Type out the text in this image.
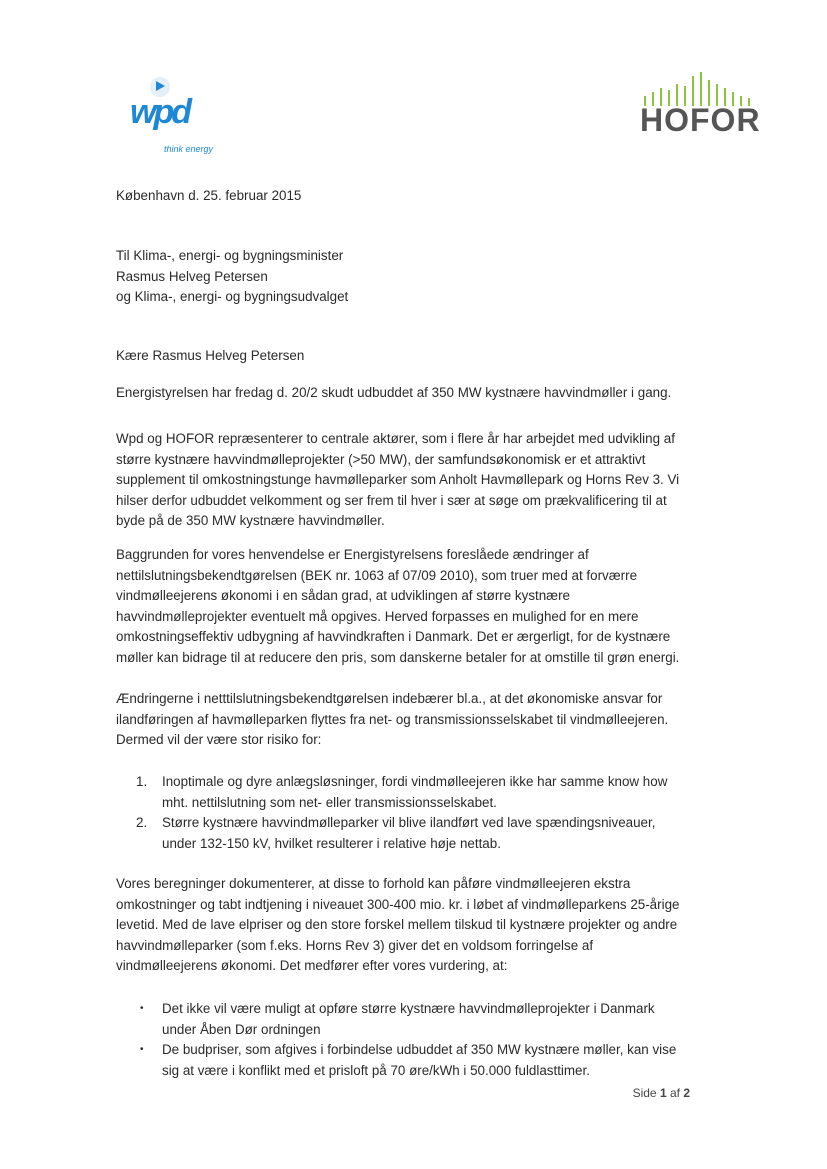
wpd
think energy
HOFOR
København d. 25. februar 2015
Til Klima-, energi- og bygningsminister
Rasmus Helveg Petersen
og Klima-, energi- og bygningsudvalget
Kære Rasmus Helveg Petersen
Energistyrelsen har fredag d. 20/2 skudt udbuddet af 350 MW kystnære havvindmøller i gang.
Wpd og HOFOR repræsenterer to centrale aktører, som i flere år har arbejdet med udvikling af
større kystnære havvindmølleprojekter (>50 MW), der samfundsøkonomisk er et attraktivt
supplement til omkostningstunge havmølleparker som Anholt Havmøllepark og Horns Rev 3. Vi
hilser derfor udbuddet velkomment og ser frem til hver i sær at søge om prækvalificering til at
byde på de 350 MW kystnære havvindmøller.
Baggrunden for vores henvendelse er Energistyrelsens foreslåede ændringer af
nettilslutningsbekendtgørelsen (BEK nr. 1063 af 07/09 2010), som truer med at forværre
vindmølleejerens økonomi i en sådan grad, at udviklingen af større kystnære
havvindmølleprojekter eventuelt må opgives. Herved forpasses en mulighed for en mere
omkostningseffektiv udbygning af havvindkraften i Danmark. Det er ærgerligt, for de kystnære
møller kan bidrage til at reducere den pris, som danskerne betaler for at omstille til grøn energi.
Ændringerne i netttilslutningsbekendtgørelsen indebærer bl.a., at det økonomiske ansvar for
ilandføringen af havmølleparken flyttes fra net- og transmissionsselskabet til vindmølleejeren.
Dermed vil der være stor risiko for:
1. Inoptimale og dyre anlægsløsninger, fordi vindmølleejeren ikke har samme know how
mht. nettilslutning som net- eller transmissionsselskabet.
2. Større kystnære havvindmølleparker vil blive ilandført ved lave spændingsniveauer,
under 132-150 kV, hvilket resulterer i relative høje nettab.
Vores beregninger dokumenterer, at disse to forhold kan påføre vindmølleejeren ekstra
omkostninger og tabt indtjening i niveauet 300-400 mio. kr. i løbet af vindmølleparkens 25-årige
levetid. Med de lave elpriser og den store forskel mellem tilskud til kystnære projekter og andre
havvindmølleparker (som f.eks. Horns Rev 3) giver det en voldsom forringelse af
vindmølleejerens økonomi. Det medfører efter vores vurdering, at:
• Det ikke vil være muligt at opføre større kystnære havvindmølleprojekter i Danmark
under Åben Dør ordningen
• De budpriser, som afgives i forbindelse udbuddet af 350 MW kystnære møller, kan vise
sig at være i konflikt med et prisloft på 70 øre/kWh i 50.000 fuldlasttimer.
Side 1 af 2
